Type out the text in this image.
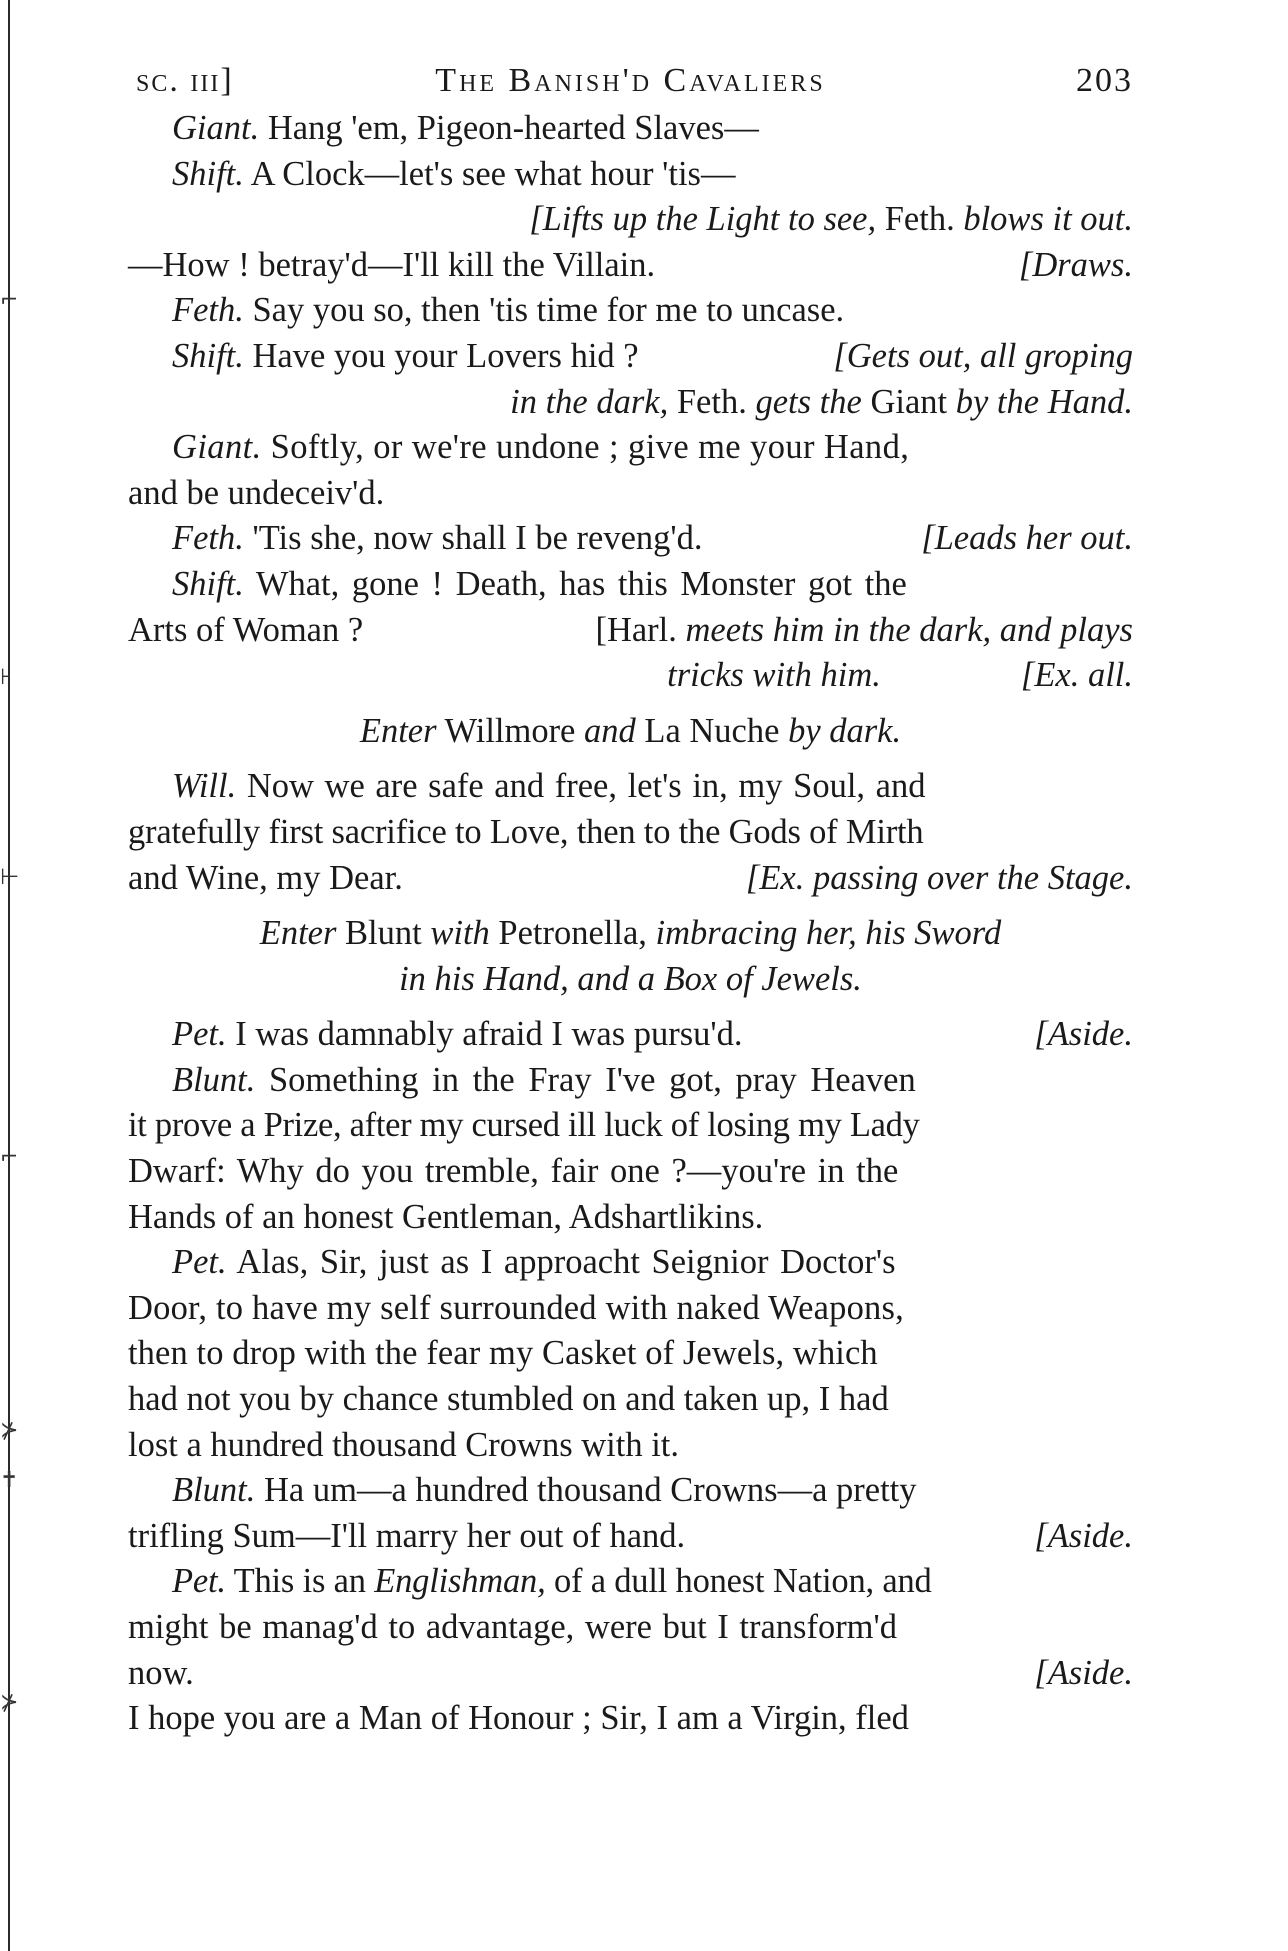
⌐
⊦
⊢
⌐
⊁
✝
⊁
sc. iii]	The Banish'd Cavaliers	203
Giant. Hang 'em, Pigeon-hearted Slaves—
Shift. A Clock—let's see what hour 'tis—
[Lifts up the Light to see, Feth. blows it out.
—How ! betray'd—I'll kill the Villain.	[Draws.
Feth. Say you so, then 'tis time for me to uncase.
Shift. Have you your Lovers hid ?	[Gets out, all groping
in the dark, Feth. gets the Giant by the Hand.
Giant. Softly, or we're undone ; give me your Hand,
and be undeceiv'd.
Feth. 'Tis she, now shall I be reveng'd.	[Leads her out.
Shift. What, gone ! Death, has this Monster got the
Arts of Woman ?	[Harl. meets him in the dark, and plays
tricks with him.	[Ex. all.
Enter Willmore and La Nuche by dark.
Will. Now we are safe and free, let's in, my Soul, and
gratefully first sacrifice to Love, then to the Gods of Mirth
and Wine, my Dear.	[Ex. passing over the Stage.
Enter Blunt with Petronella, imbracing her, his Sword
in his Hand, and a Box of Jewels.
Pet. I was damnably afraid I was pursu'd.	[Aside.
Blunt. Something in the Fray I've got, pray Heaven
it prove a Prize, after my cursed ill luck of losing my Lady
Dwarf: Why do you tremble, fair one ?—you're in the
Hands of an honest Gentleman, Adshartlikins.
Pet. Alas, Sir, just as I approacht Seignior Doctor's
Door, to have my self surrounded with naked Weapons,
then to drop with the fear my Casket of Jewels, which
had not you by chance stumbled on and taken up, I had
lost a hundred thousand Crowns with it.
Blunt. Ha um—a hundred thousand Crowns—a pretty
trifling Sum—I'll marry her out of hand.	[Aside.
Pet. This is an Englishman, of a dull honest Nation, and
might be manag'd to advantage, were but I transform'd
now.	[Aside.
I hope you are a Man of Honour ; Sir, I am a Virgin, fled
